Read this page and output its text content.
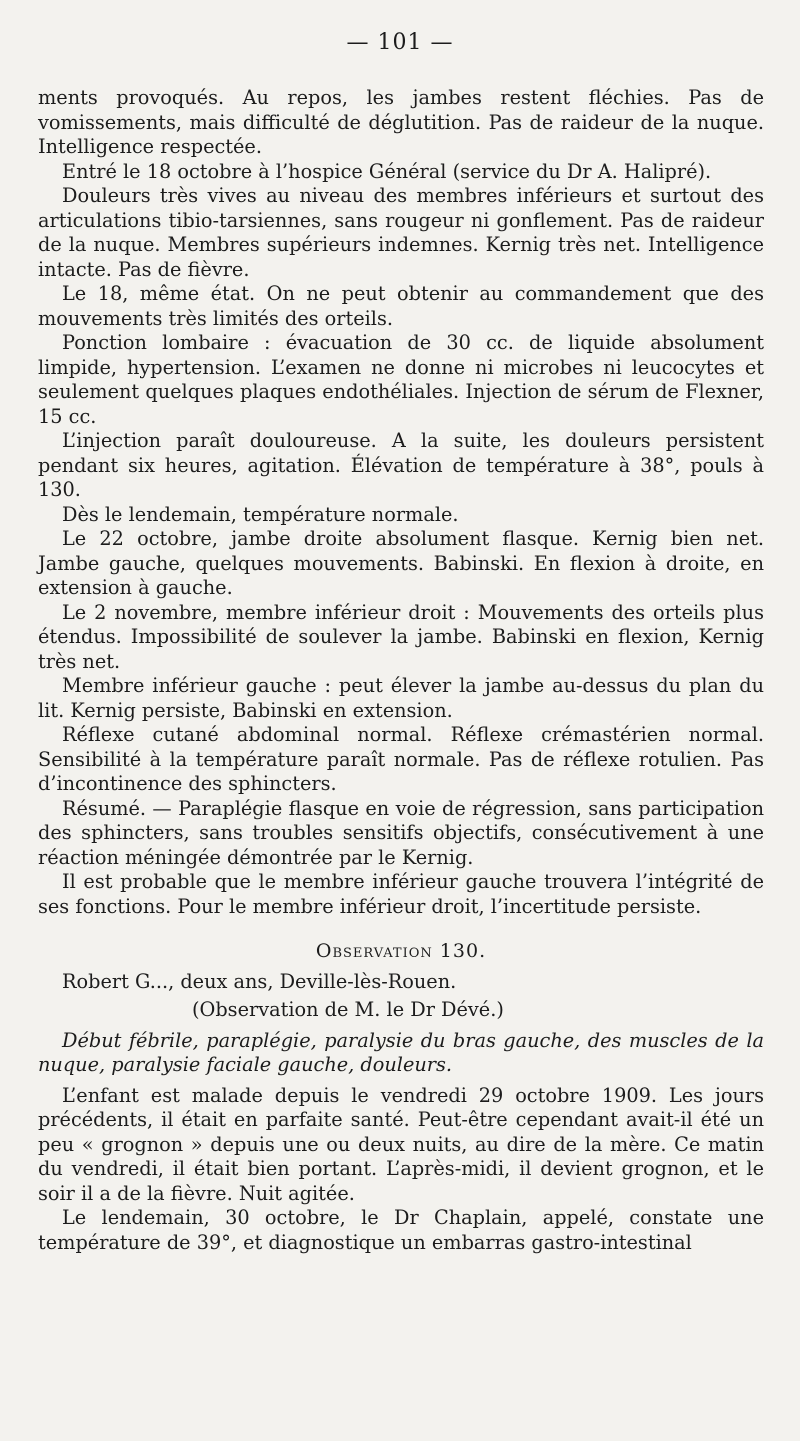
— 101 —

ments provoqués. Au repos, les jambes restent fléchies. Pas de vomissements, mais difficulté de déglutition. Pas de raideur de la nuque. Intelligence respectée.

Entré le 18 octobre à l’hospice Général (service du Dr A. Halipré).

Douleurs très vives au niveau des membres inférieurs et surtout des articulations tibio-tarsiennes, sans rougeur ni gonflement. Pas de raideur de la nuque. Membres supérieurs indemnes. Kernig très net. Intelligence intacte. Pas de fièvre.

Le 18, même état. On ne peut obtenir au commandement que des mouvements très limités des orteils.

Ponction lombaire : évacuation de 30 cc. de liquide absolument limpide, hypertension. L’examen ne donne ni microbes ni leucocytes et seulement quelques plaques endothéliales. Injection de sérum de Flexner, 15 cc.

L’injection paraît douloureuse. A la suite, les douleurs persistent pendant six heures, agitation. Élévation de température à 38°, pouls à 130.

Dès le lendemain, température normale.

Le 22 octobre, jambe droite absolument flasque. Kernig bien net. Jambe gauche, quelques mouvements. Babinski. En flexion à droite, en extension à gauche.

Le 2 novembre, membre inférieur droit : Mouvements des orteils plus étendus. Impossibilité de soulever la jambe. Babinski en flexion, Kernig très net.

Membre inférieur gauche : peut élever la jambe au-dessus du plan du lit. Kernig persiste, Babinski en extension.

Réflexe cutané abdominal normal. Réflexe crémastérien normal. Sensibilité à la température paraît normale. Pas de réflexe rotulien. Pas d’incontinence des sphincters.

Résumé. — Paraplégie flasque en voie de régression, sans participation des sphincters, sans troubles sensitifs objectifs, consécutivement à une réaction méningée démontrée par le Kernig.

Il est probable que le membre inférieur gauche trouvera l’intégrité de ses fonctions. Pour le membre inférieur droit, l’incertitude persiste.

Observation 130.

Robert G..., deux ans, Deville-lès-Rouen.

(Observation de M. le Dr Dévé.)

Début fébrile, paraplégie, paralysie du bras gauche, des muscles de la nuque, paralysie faciale gauche, douleurs.

L’enfant est malade depuis le vendredi 29 octobre 1909. Les jours précédents, il était en parfaite santé. Peut-être cependant avait-il été un peu « grognon » depuis une ou deux nuits, au dire de la mère. Ce matin du vendredi, il était bien portant. L’après-midi, il devient grognon, et le soir il a de la fièvre. Nuit agitée.

Le lendemain, 30 octobre, le Dr Chaplain, appelé, constate une température de 39°, et diagnostique un embarras gastro-intestinal
